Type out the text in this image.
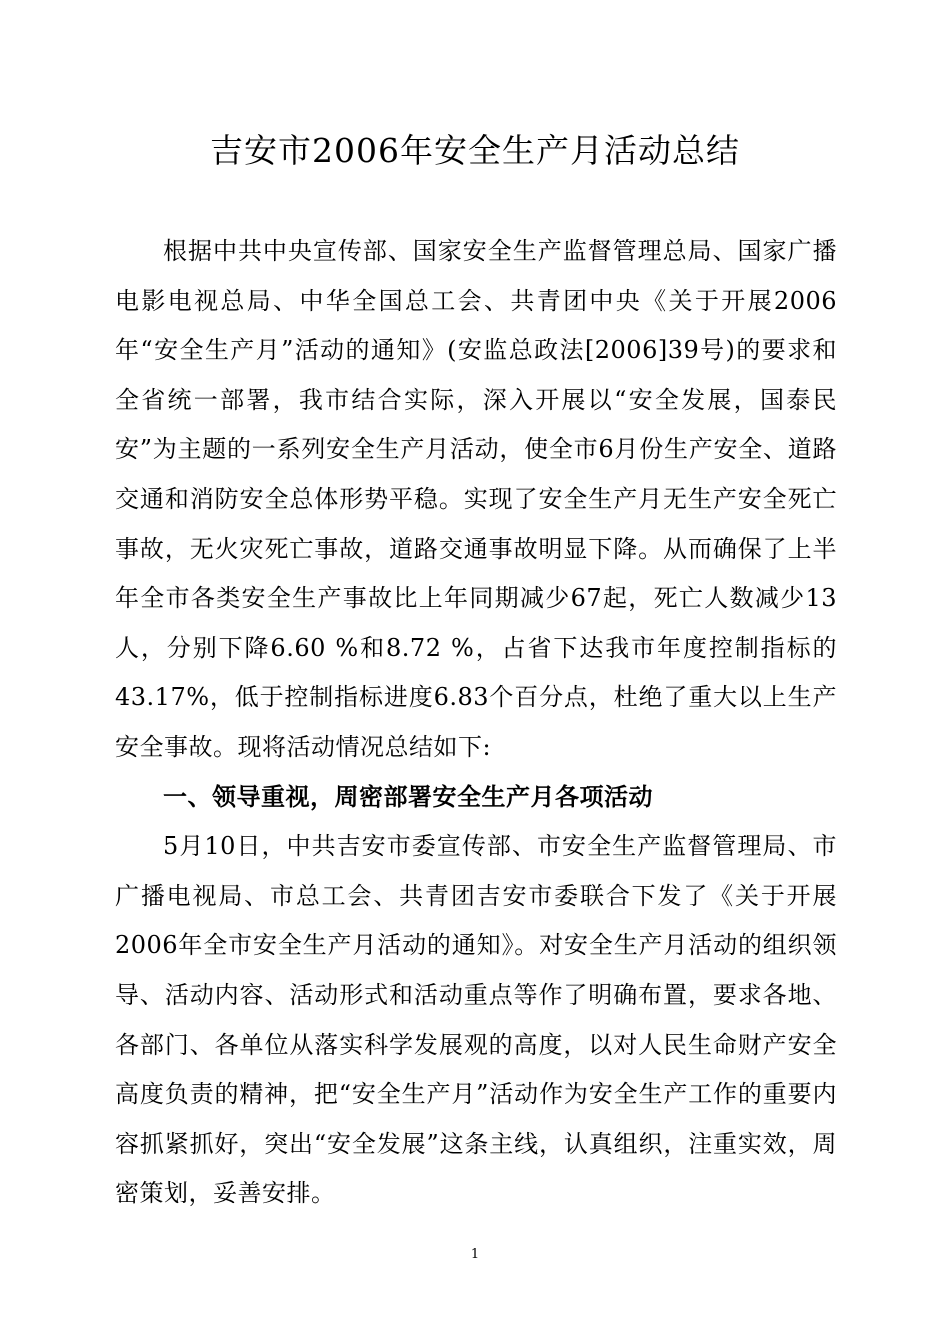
吉安市2006年安全生产月活动总结

根据中共中央宣传部、国家安全生产监督管理总局、国家广播电影电视总局、中华全国总工会、共青团中央《关于开展2006年“安全生产月”活动的通知》(安监总政法[2006]39号)的要求和全省统一部署，我市结合实际，深入开展以“安全发展，国泰民安”为主题的一系列安全生产月活动，使全市6月份生产安全、道路交通和消防安全总体形势平稳。实现了安全生产月无生产安全死亡事故，无火灾死亡事故，道路交通事故明显下降。从而确保了上半年全市各类安全生产事故比上年同期减少67起，死亡人数减少13人，分别下降6.60 %和8.72 %，占省下达我市年度控制指标的43.17%，低于控制指标进度6.83个百分点，杜绝了重大以上生产安全事故。现将活动情况总结如下:

一、领导重视，周密部署安全生产月各项活动

5月10日，中共吉安市委宣传部、市安全生产监督管理局、市广播电视局、市总工会、共青团吉安市委联合下发了《关于开展2006年全市安全生产月活动的通知》。对安全生产月活动的组织领导、活动内容、活动形式和活动重点等作了明确布置，要求各地、各部门、各单位从落实科学发展观的高度，以对人民生命财产安全高度负责的精神，把“安全生产月”活动作为安全生产工作的重要内容抓紧抓好，突出“安全发展”这条主线，认真组织，注重实效，周密策划，妥善安排。

1
